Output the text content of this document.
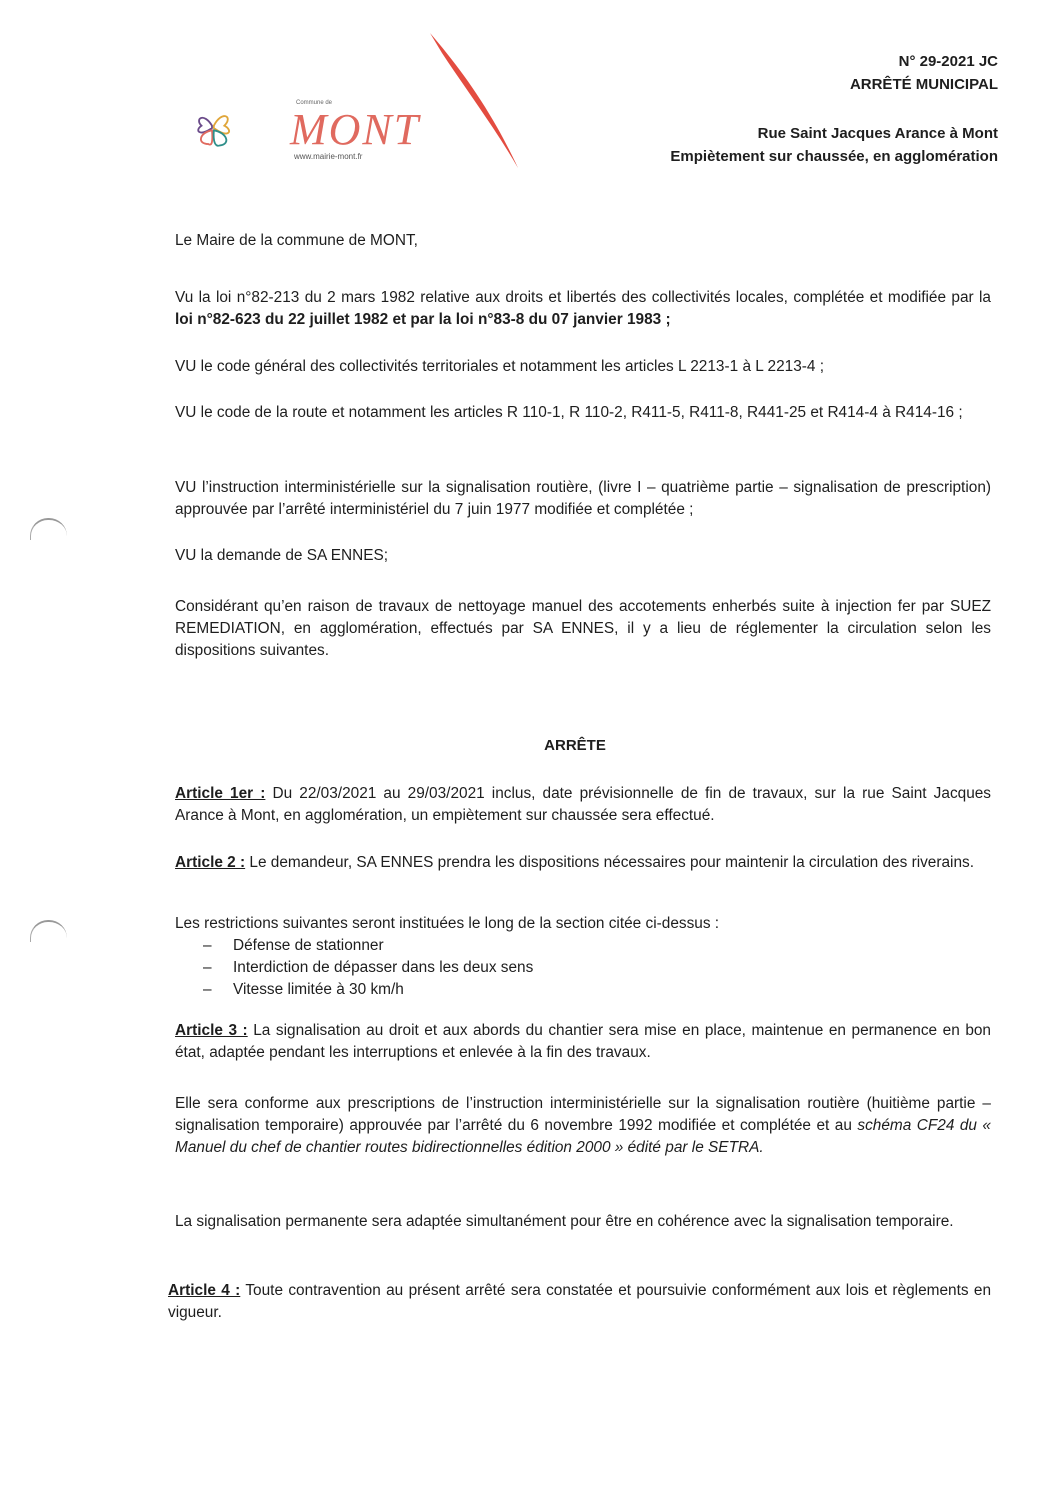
Commune de
MONT
www.mairie-mont.fr
N° 29-2021 JC
ARRÊTÉ MUNICIPAL
Rue Saint Jacques Arance à Mont
Empiètement sur chaussée, en agglomération

Le Maire de la commune de MONT,

Vu la loi n°82-213 du 2 mars 1982 relative aux droits et libertés des collectivités locales, complétée et modifiée par la loi n°82-623 du 22 juillet 1982 et par la loi n°83-8 du 07 janvier 1983 ;

VU le code général des collectivités territoriales et notamment les articles L 2213-1 à L 2213-4 ;

VU le code de la route et notamment les articles R 110-1, R 110-2, R411-5, R411-8, R441-25 et R414-4 à R414-16 ;

VU l’instruction interministérielle sur la signalisation routière, (livre I – quatrième partie – signalisation de prescription) approuvée par l’arrêté interministériel du 7 juin 1977 modifiée et complétée ;

VU la demande de SA ENNES;

Considérant qu’en raison de travaux de nettoyage manuel des accotements enherbés suite à injection fer par SUEZ REMEDIATION, en agglomération, effectués par SA ENNES, il y a lieu de réglementer la circulation selon les dispositions suivantes.

ARRÊTE

Article 1er : Du 22/03/2021 au 29/03/2021 inclus, date prévisionnelle de fin de travaux, sur la rue Saint Jacques Arance à Mont, en agglomération, un empiètement sur chaussée sera effectué.

Article 2 : Le demandeur, SA ENNES prendra les dispositions nécessaires pour maintenir la circulation des riverains.

Les restrictions suivantes seront instituées le long de la section citée ci-dessus :

– Défense de stationner
– Interdiction de dépasser dans les deux sens
– Vitesse limitée à 30 km/h

Article 3 : La signalisation au droit et aux abords du chantier sera mise en place, maintenue en permanence en bon état, adaptée pendant les interruptions et enlevée à la fin des travaux.

Elle sera conforme aux prescriptions de l’instruction interministérielle sur la signalisation routière (huitième partie – signalisation temporaire) approuvée par l’arrêté du 6 novembre 1992 modifiée et complétée et au schéma CF24 du « Manuel du chef de chantier routes bidirectionnelles édition 2000 » édité par le SETRA.

La signalisation permanente sera adaptée simultanément pour être en cohérence avec la signalisation temporaire.

Article 4 : Toute contravention au présent arrêté sera constatée et poursuivie conformément aux lois et règlements en vigueur.
